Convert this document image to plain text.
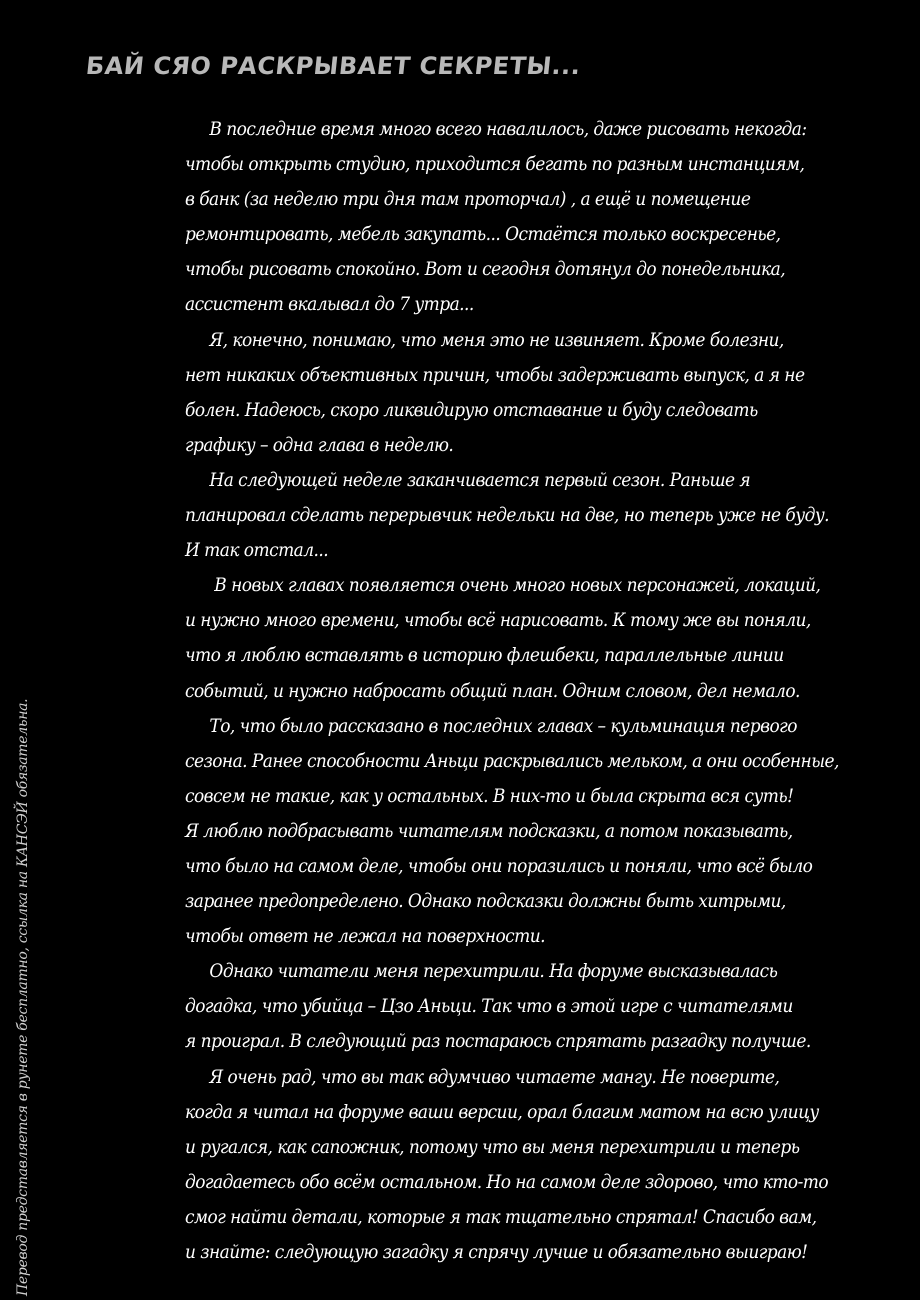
БАЙ СЯО РАСКРЫВАЕТ СЕКРЕТЫ...
  В последние время много всего навалилось, даже рисовать некогда:
чтобы открыть студию, приходится бегать по разным инстанциям,
в банк (за неделю три дня там проторчал) , а ещё и помещение
ремонтировать, мебель закупать... Остаётся только воскресенье,
чтобы рисовать спокойно. Вот и сегодня дотянул до понедельника,
ассистент вкалывал до 7 утра...
  Я, конечно, понимаю, что меня это не извиняет. Кроме болезни,
нет никаких объективных причин, чтобы задерживать выпуск, а я не
болен. Надеюсь, скоро ликвидирую отставание и буду следовать
графику – одна глава в неделю.
  На следующей неделе заканчивается первый сезон. Раньше я
планировал сделать перерывчик недельки на две, но теперь уже не буду.
И так отстал...
   В новых главах появляется очень много новых персонажей, локаций,
и нужно много времени, чтобы всё нарисовать. К тому же вы поняли,
что я люблю вставлять в историю флешбеки, параллельные линии
событий, и нужно набросать общий план. Одним словом, дел немало.
  То, что было рассказано в последних главах – кульминация первого
сезона. Ранее способности Аньци раскрывались мельком, а они особенные,
совсем не такие, как у остальных. В них-то и была скрыта вся суть!
Я люблю подбрасывать читателям подсказки, а потом показывать,
что было на самом деле, чтобы они поразились и поняли, что всё было
заранее предопределено. Однако подсказки должны быть хитрыми,
чтобы ответ не лежал на поверхности.
  Однако читатели меня перехитрили. На форуме высказывалась
догадка, что убийца – Цзо Аньци. Так что в этой игре с читателями
я проиграл. В следующий раз постараюсь спрятать разгадку получше.
  Я очень рад, что вы так вдумчиво читаете мангу. Не поверите,
когда я читал на форуме ваши версии, орал благим матом на всю улицу
и ругался, как сапожник, потому что вы меня перехитрили и теперь
догадаетесь обо всём остальном. Но на самом деле здорово, что кто-то
смог найти детали, которые я так тщательно спрятал! Спасибо вам,
и знайте: следующую загадку я спрячу лучше и обязательно выиграю!
Перевод представляется в рунете бесплатно, ссылка на КАНСЭЙ обязательна.
